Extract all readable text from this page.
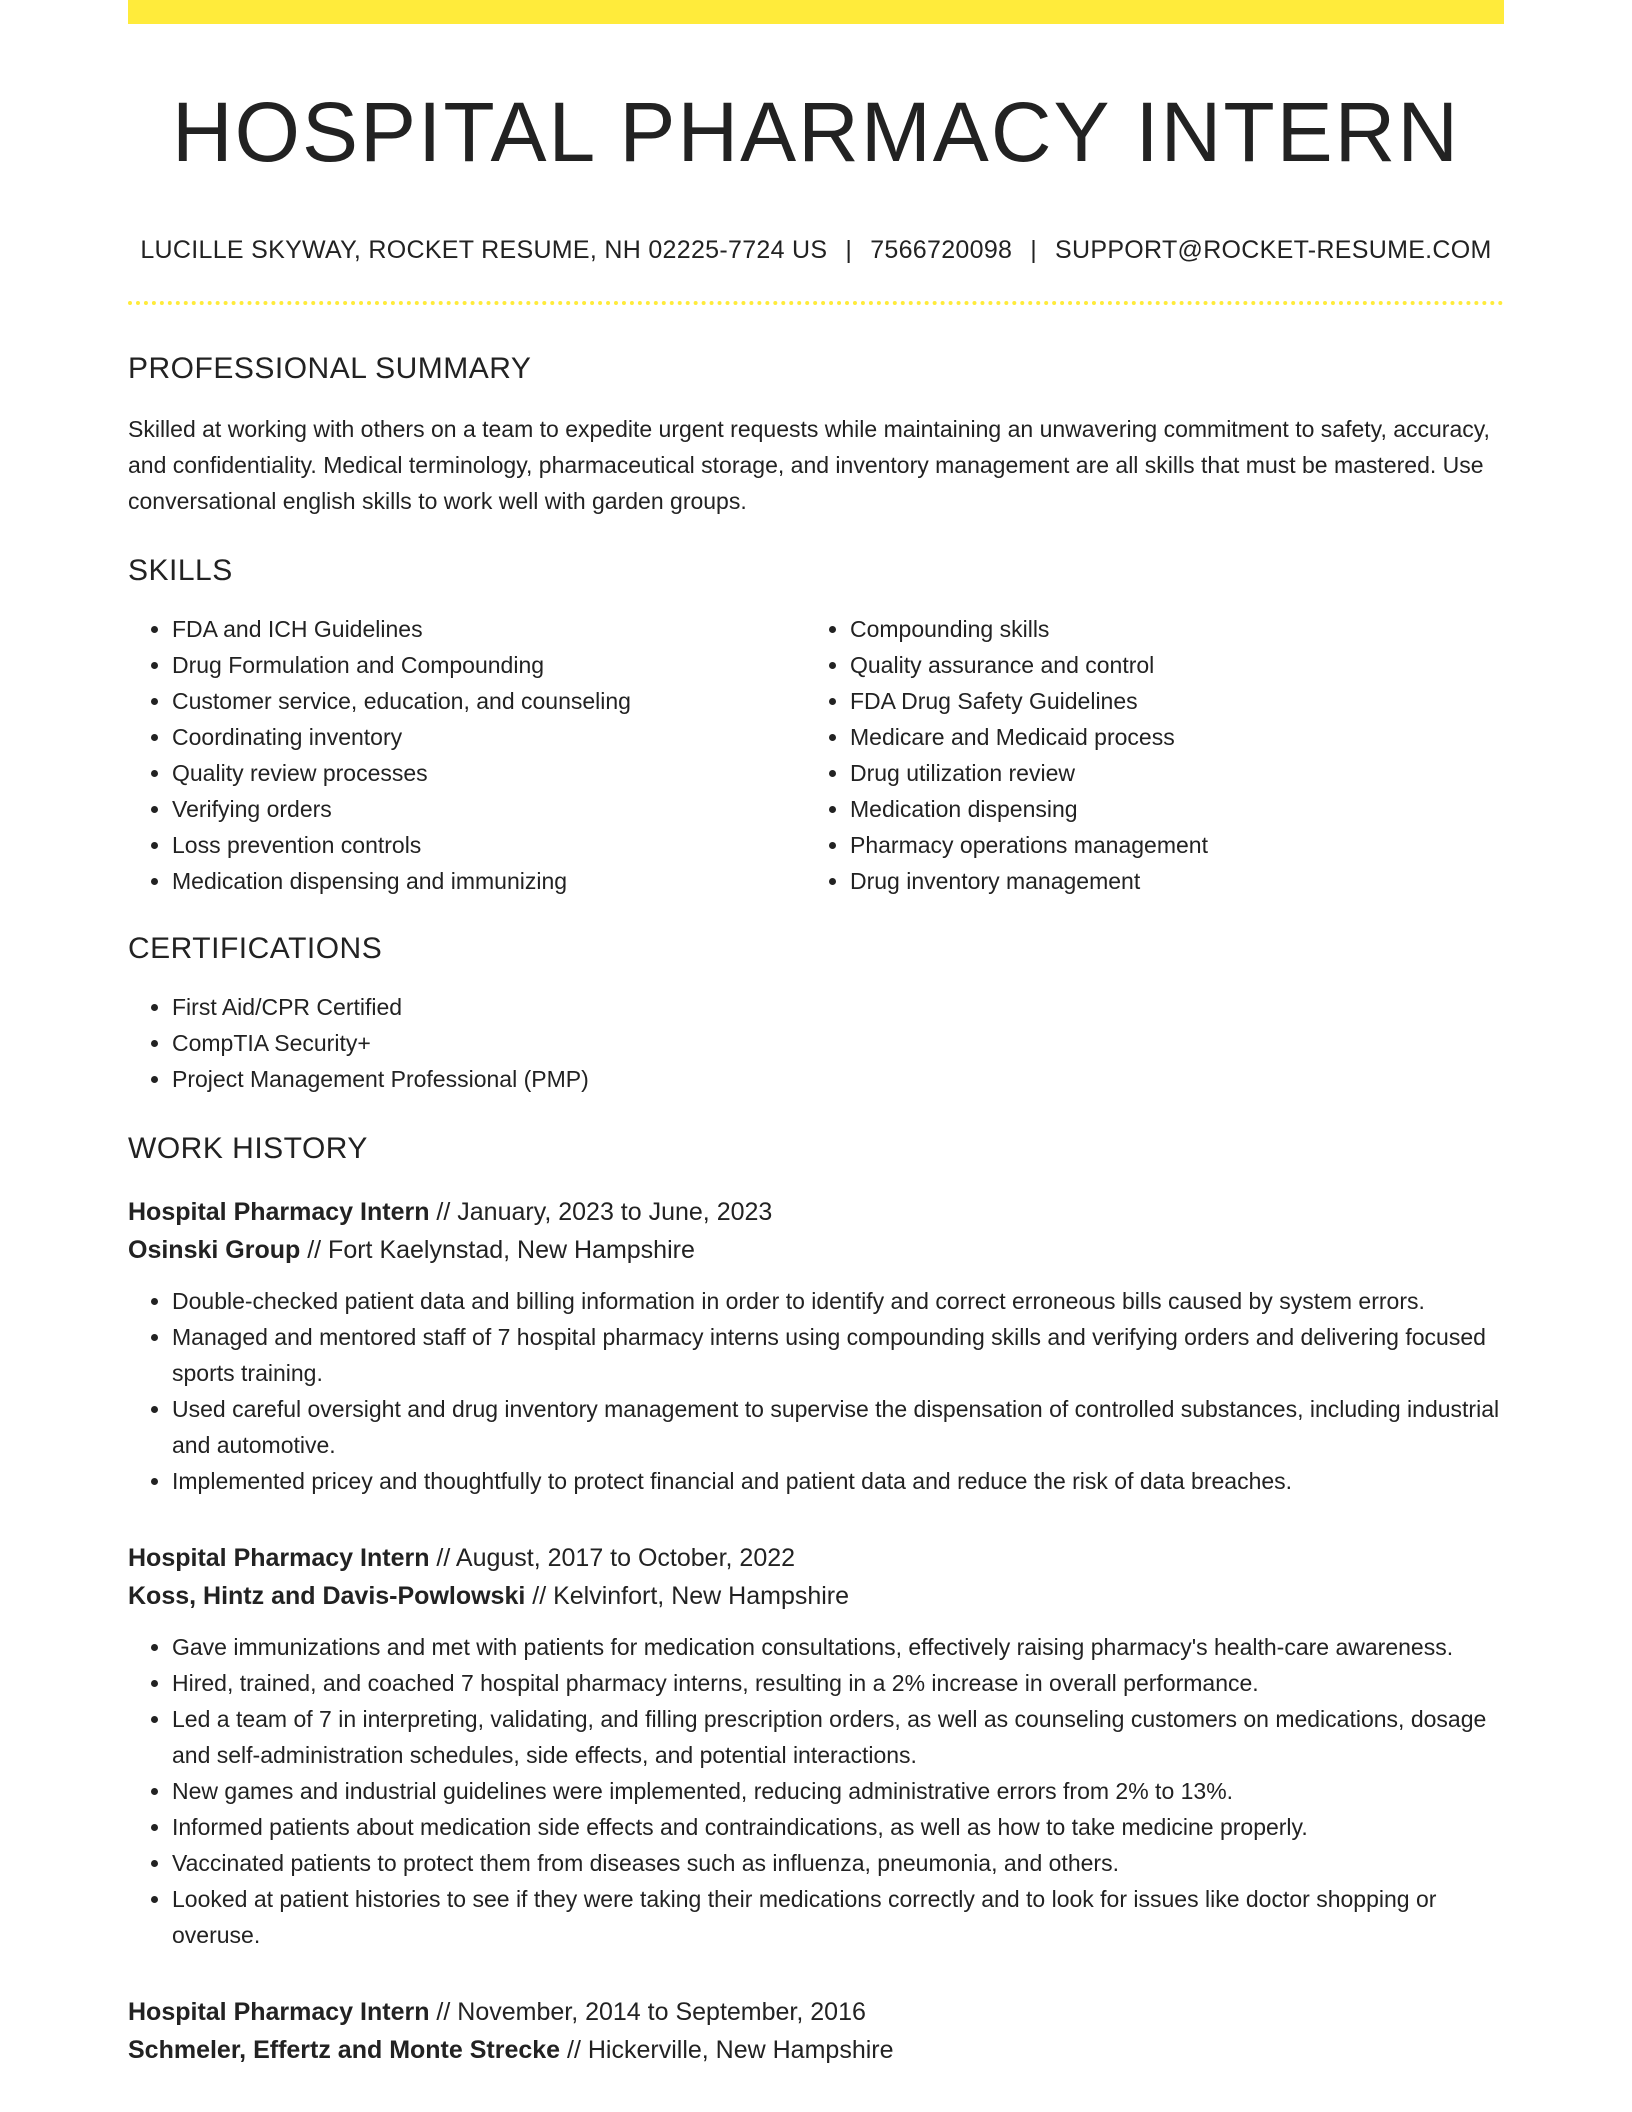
HOSPITAL PHARMACY INTERN
LUCILLE SKYWAY, ROCKET RESUME, NH 02225-7724 US | 7566720098 | SUPPORT@ROCKET-RESUME.COM
PROFESSIONAL SUMMARY
Skilled at working with others on a team to expedite urgent requests while maintaining an unwavering commitment to safety, accuracy, and confidentiality. Medical terminology, pharmaceutical storage, and inventory management are all skills that must be mastered. Use conversational english skills to work well with garden groups.
SKILLS
• FDA and ICH Guidelines
• Drug Formulation and Compounding
• Customer service, education, and counseling
• Coordinating inventory
• Quality review processes
• Verifying orders
• Loss prevention controls
• Medication dispensing and immunizing
• Compounding skills
• Quality assurance and control
• FDA Drug Safety Guidelines
• Medicare and Medicaid process
• Drug utilization review
• Medication dispensing
• Pharmacy operations management
• Drug inventory management
CERTIFICATIONS
• First Aid/CPR Certified
• CompTIA Security+
• Project Management Professional (PMP)
WORK HISTORY
Hospital Pharmacy Intern // January, 2023 to June, 2023
Osinski Group // Fort Kaelynstad, New Hampshire
• Double-checked patient data and billing information in order to identify and correct erroneous bills caused by system errors.
• Managed and mentored staff of 7 hospital pharmacy interns using compounding skills and verifying orders and delivering focused sports training.
• Used careful oversight and drug inventory management to supervise the dispensation of controlled substances, including industrial and automotive.
• Implemented pricey and thoughtfully to protect financial and patient data and reduce the risk of data breaches.
Hospital Pharmacy Intern // August, 2017 to October, 2022
Koss, Hintz and Davis-Powlowski // Kelvinfort, New Hampshire
• Gave immunizations and met with patients for medication consultations, effectively raising pharmacy's health-care awareness.
• Hired, trained, and coached 7 hospital pharmacy interns, resulting in a 2% increase in overall performance.
• Led a team of 7 in interpreting, validating, and filling prescription orders, as well as counseling customers on medications, dosage and self-administration schedules, side effects, and potential interactions.
• New games and industrial guidelines were implemented, reducing administrative errors from 2% to 13%.
• Informed patients about medication side effects and contraindications, as well as how to take medicine properly.
• Vaccinated patients to protect them from diseases such as influenza, pneumonia, and others.
• Looked at patient histories to see if they were taking their medications correctly and to look for issues like doctor shopping or overuse.
Hospital Pharmacy Intern // November, 2014 to September, 2016
Schmeler, Effertz and Monte Strecke // Hickerville, New Hampshire
